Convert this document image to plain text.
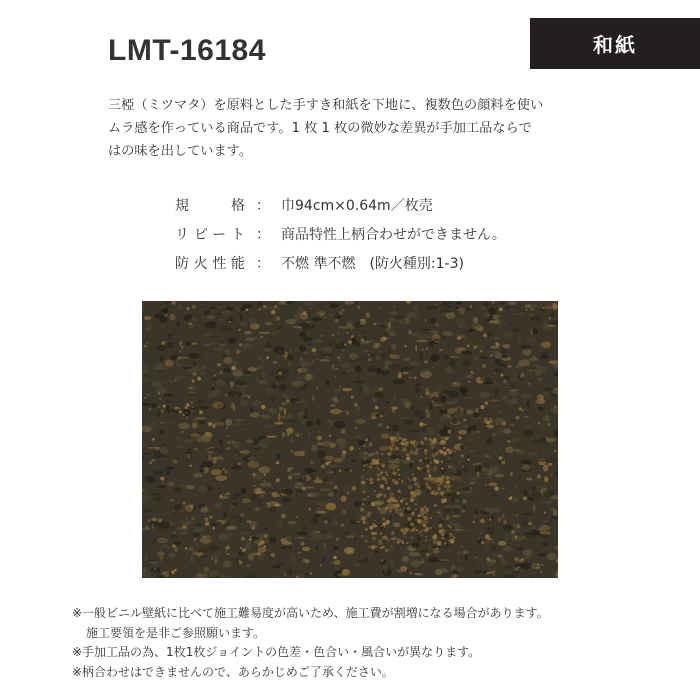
LMT-16184	和紙
三椏（ミツマタ）を原料とした手すき和紙を下地に、複数色の顔料を使い
ムラ感を作っている商品です。1 枚 1 枚の微妙な差異が手加工品ならで
はの味を出しています。
規　格 ： 巾94cm×0.64m／枚売
リピート ： 商品特性上柄合わせができません。
防火性能 ： 不燃 準不燃　(防火種別:1-3)
※一般ビニル壁紙に比べて施工難易度が高いため、施工費が割増になる場合があります。
施工要領を是非ご参照願います。
※手加工品の為、1枚1枚ジョイントの色差・色合い・風合いが異なります。
※柄合わせはできませんので、あらかじめご了承ください。
